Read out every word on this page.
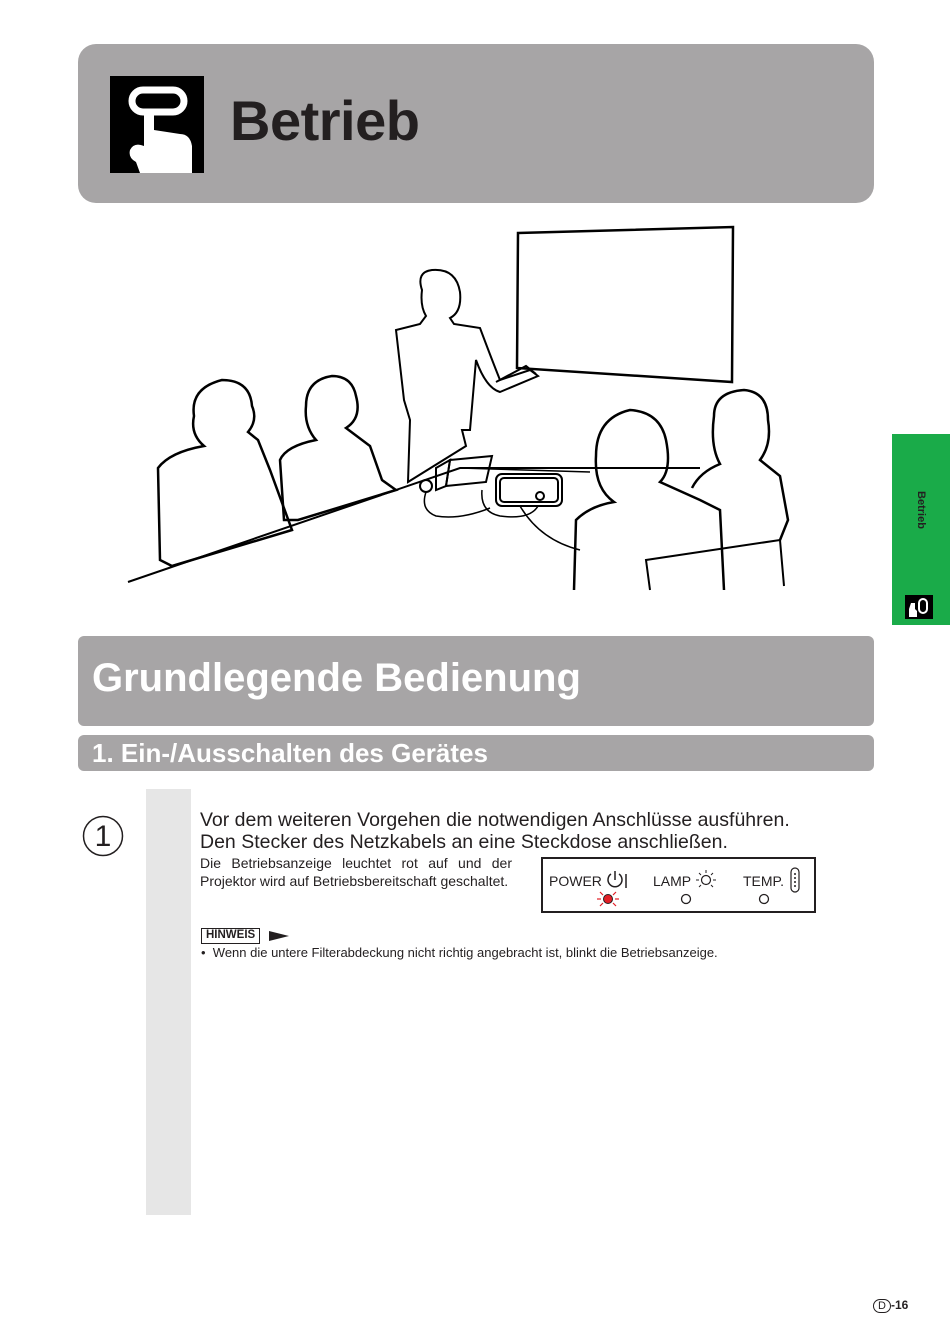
Betrieb
Betrieb
Grundlegende Bedienung
1. Ein-/Ausschalten des Gerätes
1	Vor dem weiteren Vorgehen die notwendigen Anschlüsse ausführen.
Den Stecker des Netzkabels an eine Steckdose anschließen.
Die Betriebsanzeige leuchtet rot auf und der Projektor wird auf Betriebsbereitschaft geschaltet.	POWER	LAMP	TEMP.
HINWEIS
•  Wenn die untere Filterabdeckung nicht richtig angebracht ist, blinkt die Betriebsanzeige.
D -16
